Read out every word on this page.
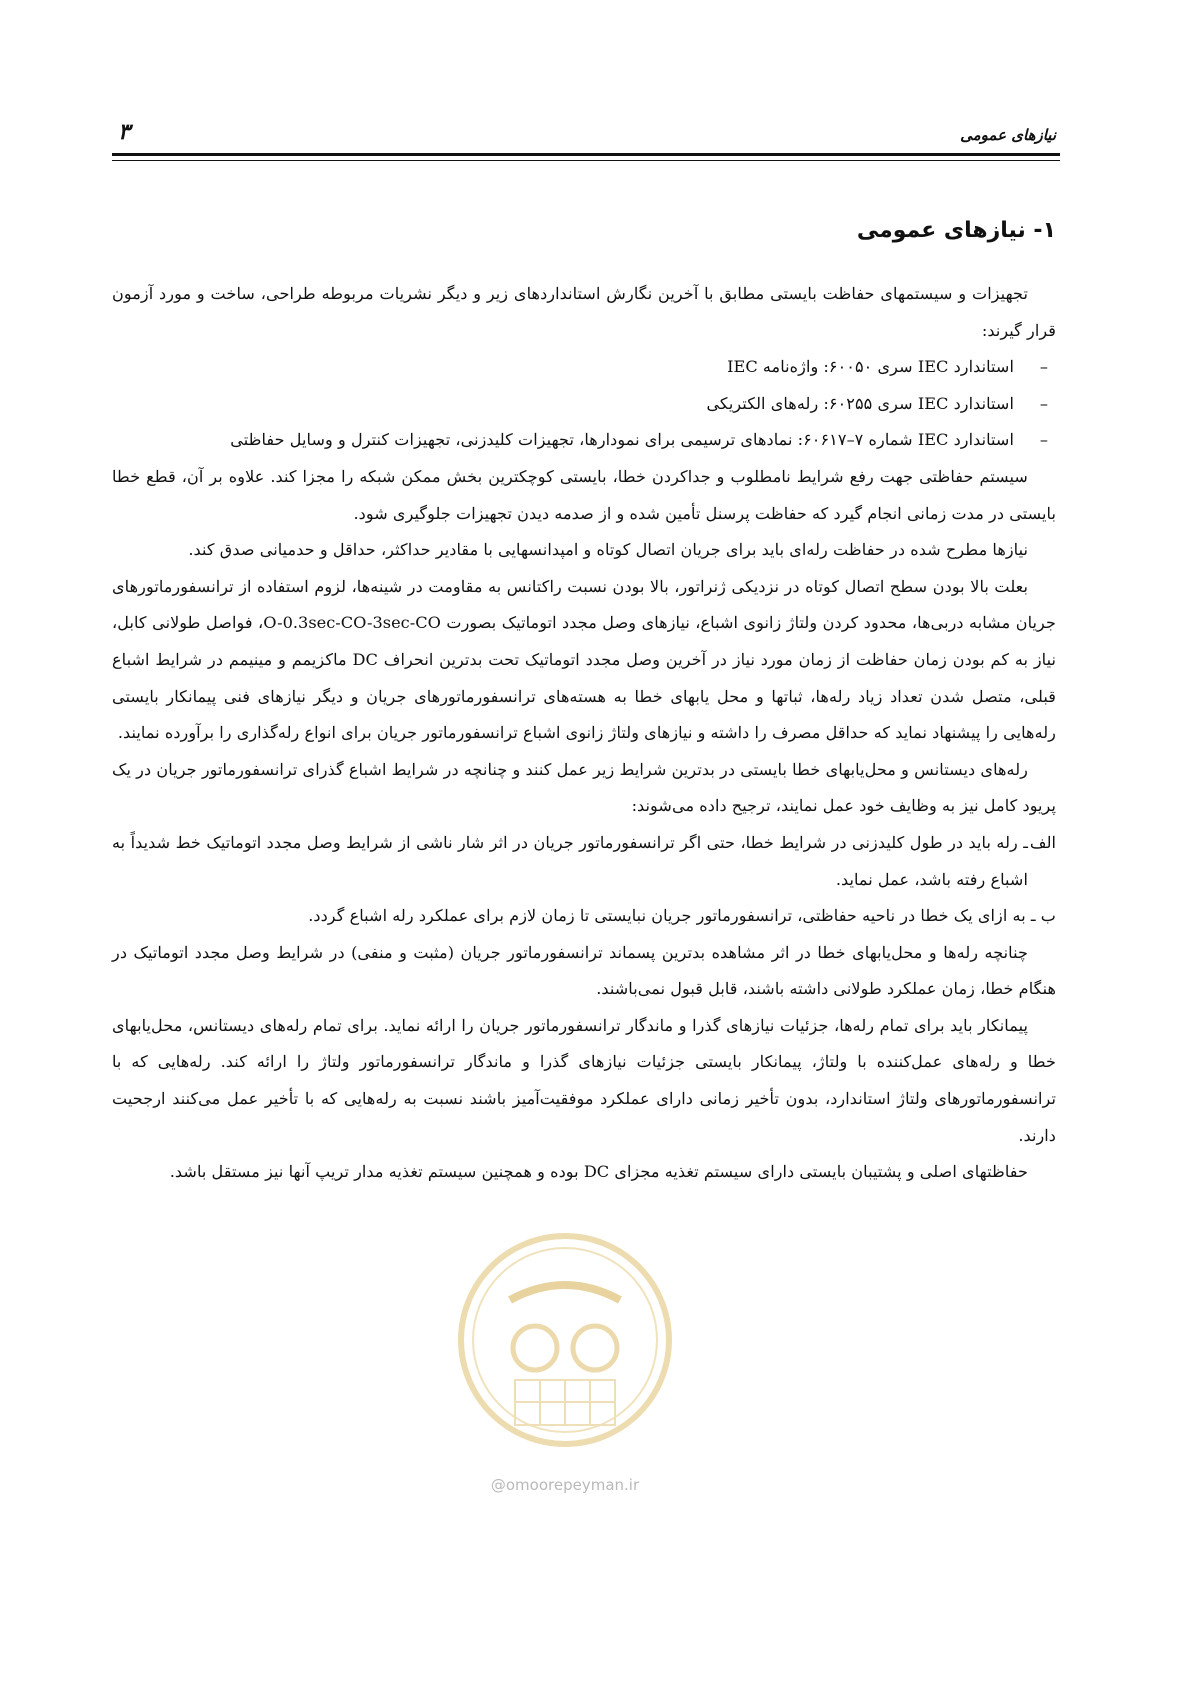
نیازهای عمومی
۳
۱- نیازهای عمومی

تجهیزات و سیستمهای حفاظت بایستی مطابق با آخرین نگارش استانداردهای زیر و دیگر نشریات مربوطه طراحی، ساخت و مورد آزمون قرار گیرند:

–
استاندارد IEC سری ۶۰۰۵۰: واژه‌نامه IEC

–
استاندارد IEC سری ۶۰۲۵۵: رله‌های الکتریکی

–
استاندارد IEC شماره ۷–۶۰۶۱۷: نمادهای ترسیمی برای نمودارها، تجهیزات کلیدزنی، تجهیزات کنترل و وسایل حفاظتی

سیستم حفاظتی جهت رفع شرایط نامطلوب و جداکردن خطا، بایستی کوچکترین بخش ممکن شبکه را مجزا کند. علاوه بر آن، قطع خطا بایستی در مدت زمانی انجام گیرد که حفاظت پرسنل تأمین شده و از صدمه دیدن تجهیزات جلوگیری شود.

نیازها مطرح شده در حفاظت رله‌ای باید برای جریان اتصال کوتاه و امپدانسهایی با مقادیر حداکثر، حداقل و حدمیانی صدق کند.

بعلت بالا بودن سطح اتصال کوتاه در نزدیکی ژنراتور، بالا بودن نسبت راکتانس به مقاومت در شینه‌ها، لزوم استفاده از ترانسفورماتورهای جریان مشابه دربی‌ها، محدود کردن ولتاژ زانوی اشباع، نیازهای وصل مجدد اتوماتیک بصورت O-0.3sec-CO-3sec-CO، فواصل طولانی کابل، نیاز به کم بودن زمان حفاظت از زمان مورد نیاز در آخرین وصل مجدد اتوماتیک تحت بدترین انحراف DC ماکزیمم و مینیمم در شرایط اشباع قبلی، متصل شدن تعداد زیاد رله‌ها، ثباتها و محل یابهای خطا به هسته‌های ترانسفورماتورهای جریان و دیگر نیازهای فنی پیمانکار بایستی رله‌هایی را پیشنهاد نماید که حداقل مصرف را داشته و نیازهای ولتاژ زانوی اشباع ترانسفورماتور جریان برای انواع رله‌گذاری را برآورده نمایند.

رله‌های دیستانس و محل‌یابهای خطا بایستی در بدترین شرایط زیر عمل کنند و چنانچه در شرایط اشباع گذرای ترانسفورماتور جریان در یک پریود کامل نیز به وظایف خود عمل نمایند، ترجیح داده می‌شوند:

الف
ـ رله باید در طول کلیدزنی در شرایط خطا، حتی اگر ترانسفورماتور جریان در اثر شار ناشی از شرایط وصل مجدد اتوماتیک خط شدیداً به اشباع رفته باشد، عمل نماید.

ب ـ به ازای یک خطا در ناحیه حفاظتی، ترانسفورماتور جریان نبایستی تا زمان لازم برای عملکرد رله اشباع گردد.

چنانچه رله‌ها و محل‌یابهای خطا در اثر مشاهده بدترین پسماند ترانسفورماتور جریان (مثبت و منفی) در شرایط وصل مجدد اتوماتیک در هنگام خطا، زمان عملکرد طولانی داشته باشند، قابل قبول نمی‌باشند.

پیمانکار باید برای تمام رله‌ها، جزئیات نیازهای گذرا و ماندگار ترانسفورماتور جریان را ارائه نماید. برای تمام رله‌های دیستانس، محل‌یابهای خطا و رله‌های عمل‌کننده با ولتاژ، پیمانکار بایستی جزئیات نیازهای گذرا و ماندگار ترانسفورماتور ولتاژ را ارائه کند. رله‌هایی که با ترانسفورماتورهای ولتاژ استاندارد، بدون تأخیر زمانی دارای عملکرد موفقیت‌آمیز باشند نسبت به رله‌هایی که با تأخیر عمل می‌کنند ارجحیت دارند.

حفاظتهای اصلی و پشتیبان بایستی دارای سیستم تغذیه مجزای DC بوده و همچنین سیستم تغذیه مدار تریپ آنها نیز مستقل باشد.

@omoorepeyman.ir
